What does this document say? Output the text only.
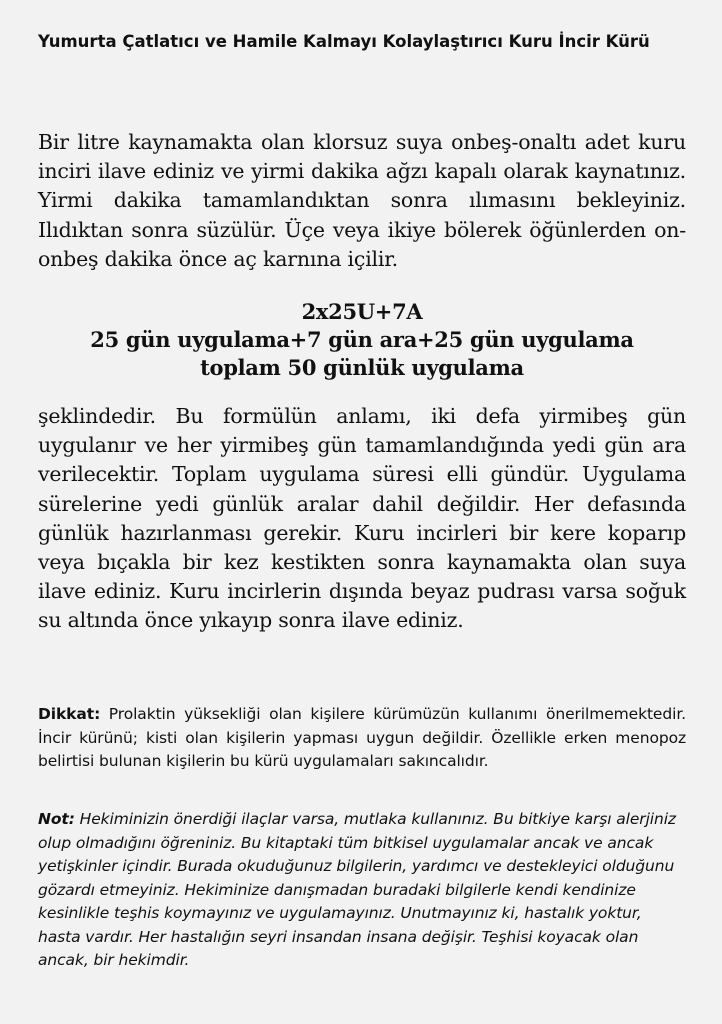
Yumurta Çatlatıcı ve Hamile Kalmayı Kolaylaştırıcı Kuru İncir Kürü

Bir litre kaynamakta olan klorsuz suya onbeş-onaltı adet kuru inciri ilave ediniz ve yirmi dakika ağzı kapalı olarak kaynatınız. Yirmi dakika tamamlandıktan sonra ılımasını bekleyiniz. Ilıdıktan sonra süzülür. Üçe veya ikiye bölerek öğünlerden on-onbeş dakika önce aç karnına içilir.

2x25U+7A
25 gün uygulama+7 gün ara+25 gün uygulama
toplam 50 günlük uygulama

şeklindedir. Bu formülün anlamı, iki defa yirmibeş gün uygulanır ve her yirmibeş gün tamamlandığında yedi gün ara verilecektir. Toplam uygulama süresi elli gündür. Uygulama sürelerine yedi günlük aralar dahil değildir. Her defasında günlük hazırlanması gerekir. Kuru incirleri bir kere koparıp veya bıçakla bir kez kestikten sonra kaynamakta olan suya ilave ediniz. Kuru incirlerin dışında beyaz pudrası varsa soğuk su altında önce yıkayıp sonra ilave ediniz.

Dikkat: Prolaktin yüksekliği olan kişilere kürümüzün kullanımı önerilmemektedir. İncir kürünü; kisti olan kişilerin yapması uygun değildir. Özellikle erken menopoz belirtisi bulunan kişilerin bu kürü uygulamaları sakıncalıdır.

Not: Hekiminizin önerdiği ilaçlar varsa, mutlaka kullanınız. Bu bitkiye karşı alerjiniz olup olmadığını öğreniniz. Bu kitaptaki tüm bitkisel uygulamalar ancak ve ancak yetişkinler içindir. Burada okuduğunuz bilgilerin, yardımcı ve destekleyici olduğunu gözardı etmeyiniz. Hekiminize danışmadan buradaki bilgilerle kendi kendinize kesinlikle teşhis koymayınız ve uygulamayınız. Unutmayınız ki, hastalık yoktur, hasta vardır. Her hastalığın seyri insandan insana değişir. Teşhisi koyacak olan ancak, bir hekimdir.
